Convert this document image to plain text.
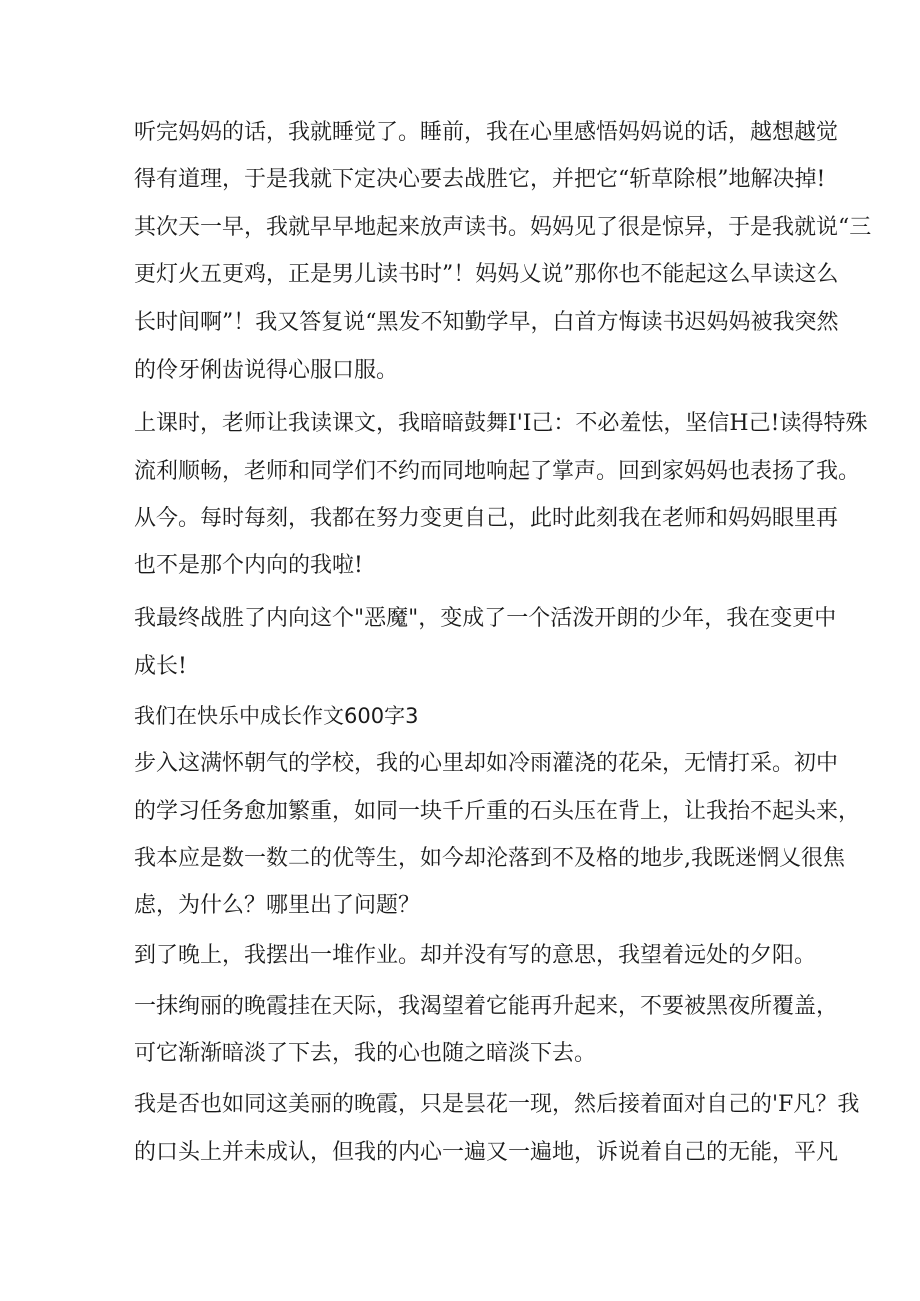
听完妈妈的话，我就睡觉了。睡前，我在心里感悟妈妈说的话，越想越觉
得有道理，于是我就下定决心要去战胜它，并把它“斩草除根”地解决掉!
其次天一早，我就早早地起来放声读书。妈妈见了很是惊异，于是我就说“三
更灯火五更鸡，正是男儿读书时”！妈妈乂说”那你也不能起这么早读这么
长时间啊”！我又答复说“黑发不知勤学早，白首方悔读书迟妈妈被我突然
的伶牙俐齿说得心服口服。
上课时，老师让我读课文，我暗暗鼓舞I'I己：不必羞怯，坚信H己!读得特殊
流利顺畅，老师和同学们不约而同地响起了掌声。回到家妈妈也表扬了我。
从今。每时每刻，我都在努力变更自己，此时此刻我在老师和妈妈眼里再
也不是那个内向的我啦!
我最终战胜了内向这个"恶魔"，变成了一个活泼开朗的少年，我在变更中
成长!
我们在快乐中成长作文600字3
步入这满怀朝气的学校，我的心里却如冷雨灌浇的花朵，无情打采。初中
的学习任务愈加繁重，如同一块千斤重的石头压在背上，让我抬不起头来，
我本应是数一数二的优等生，如今却沦落到不及格的地步,我既迷惘乂很焦
虑，为什么？哪里出了问题？
到了晚上，我摆出一堆作业。却并没有写的意思，我望着远处的夕阳。
一抹绚丽的晚霞挂在天际，我渴望着它能再升起来，不要被黑夜所覆盖，
可它渐渐暗淡了下去，我的心也随之暗淡下去。
我是否也如同这美丽的晚霞，只是昙花一现，然后接着面对自己的'F凡？我
的口头上并未成认，但我的内心一遍又一遍地，诉说着自己的无能，平凡
